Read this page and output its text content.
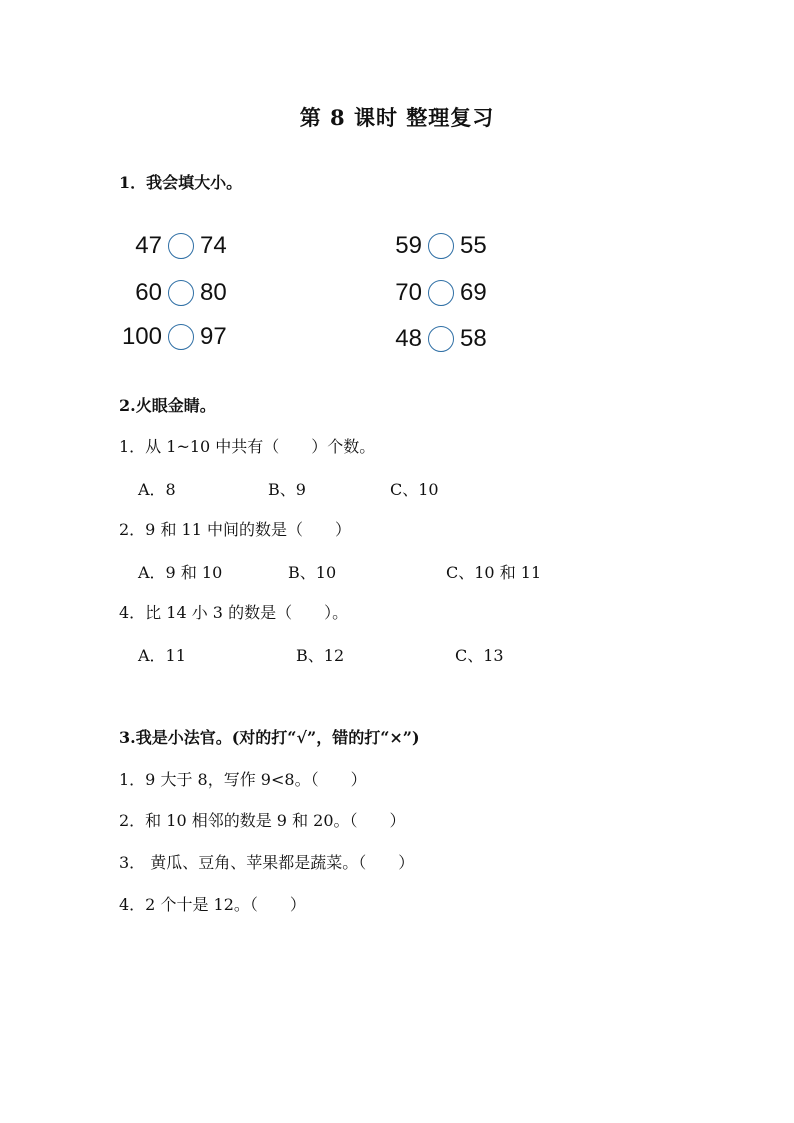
第 8 课时 整理复习
1．我会填大小。
47 74	59 55
60 80	70 69
100 97	48 58
2.火眼金睛。
1．从 1~10 中共有（　　）个数。
A．8	B、9	C、10
2．9 和 11 中间的数是（　　）
A．9 和 10	B、10	C、10 和 11
4．比 14 小 3 的数是（　　）。
A．11	B、12	C、13
3.我是小法官。(对的打“√”，错的打“×”)
1．9 大于 8，写作 9<8。（　　）
2．和 10 相邻的数是 9 和 20。（　　）
3． 黄瓜、豆角、苹果都是蔬菜。（　　）
4．2 个十是 12。（　　）
